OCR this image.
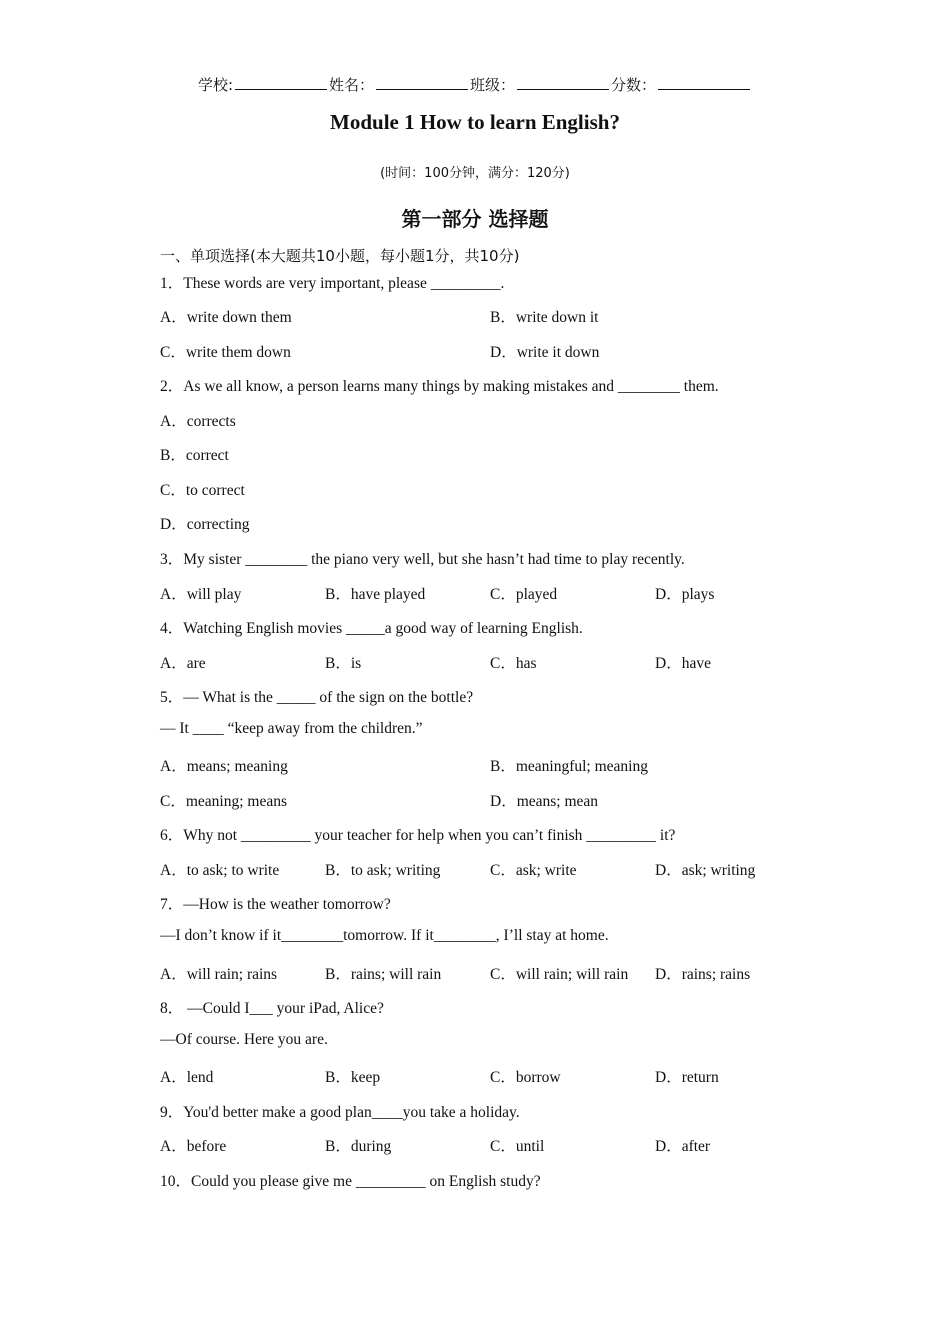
学校:	姓名：	班级：	分数：
Module 1 How to learn English?
(时间：100分钟，满分：120分)
第一部分 选择题
一、单项选择(本大题共10小题，每小题1分，共10分)
1．These words are very important, please _________.
A．write down them	B．write down it
C．write them down	D．write it down
2．As we all know, a person learns many things by making mistakes and ________ them.
A．corrects
B．correct
C．to correct
D．correcting
3．My sister ________ the piano very well, but she hasn’t had time to play recently.
A．will play	B．have played	C．played	D．plays
4．Watching English movies _____a good way of learning English.
A．are	B．is	C．has	D．have
5．— What is the _____ of the sign on the bottle?
— It ____ “keep away from the children.”
A．means; meaning	B．meaningful; meaning
C．meaning; means	D．means; mean
6．Why not _________ your teacher for help when you can’t finish _________ it?
A．to ask; to write	B．to ask; writing	C．ask; write	D．ask; writing
7．—How is the weather tomorrow?
—I don’t know if it________tomorrow. If it________, I’ll stay at home.
A．will rain; rains	B．rains; will rain	C．will rain; will rain D．rains; rains
8． —Could I___ your iPad, Alice?
—Of course. Here you are.
A．lend	B．keep	C．borrow	D．return
9．You'd better make a good plan____you take a holiday.
A．before	B．during	C．until	D．after
10．Could you please give me _________ on English study?
